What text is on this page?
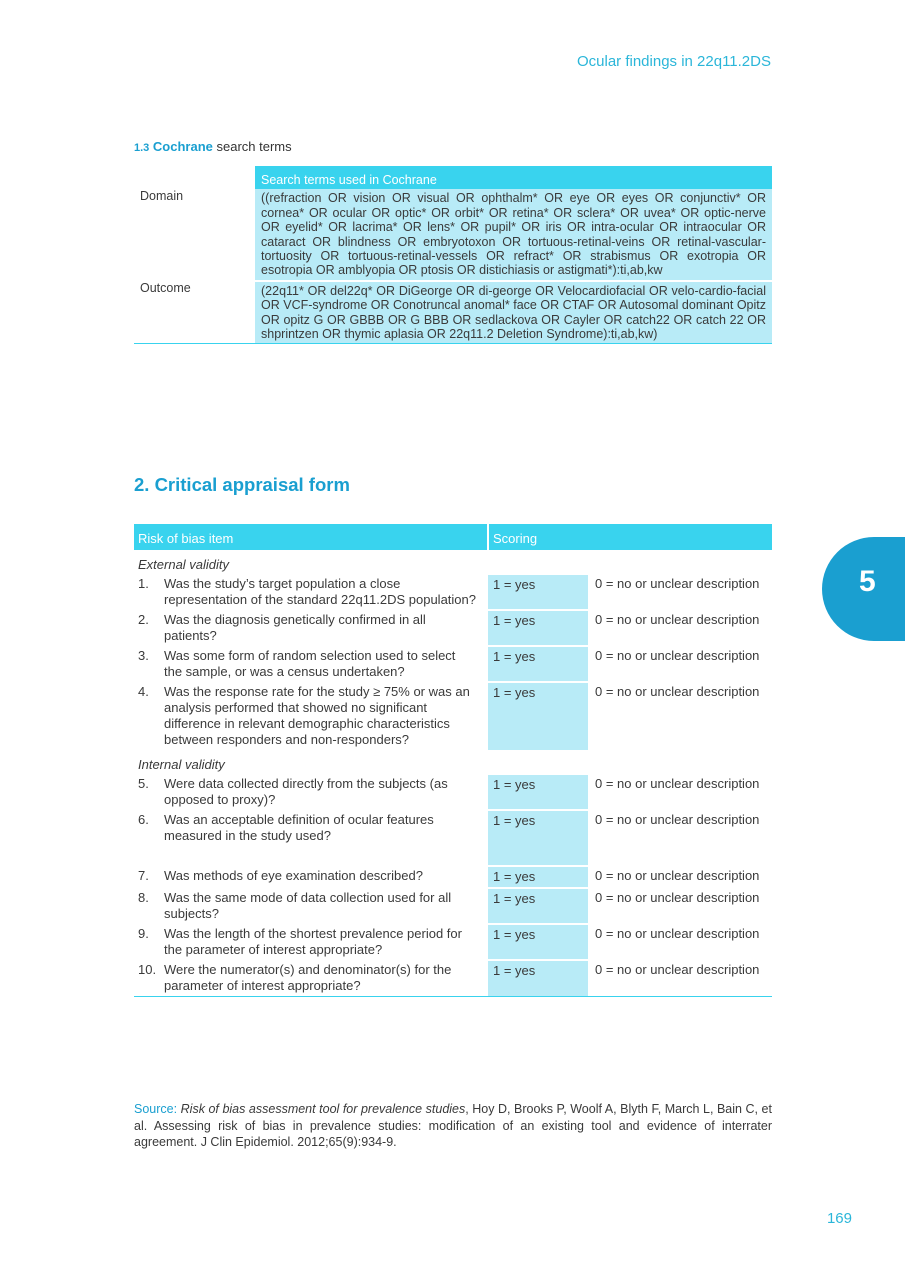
Ocular findings in 22q11.2DS
1.3 Cochrane search terms
	Search terms used in Cochrane
Domain	((refraction OR vision OR visual OR ophthalm* OR eye OR eyes OR conjunctiv* OR cornea* OR ocular OR optic* OR orbit* OR retina* OR sclera* OR uvea* OR optic-nerve OR eyelid* OR lacrima* OR lens* OR pupil* OR iris OR intra-ocular OR intraocular OR cataract OR blindness OR embryotoxon OR tortuous-retinal-veins OR retinal-vascular-tortuosity OR tortuous-retinal-vessels OR refract* OR strabismus OR exotropia OR esotropia OR amblyopia OR ptosis OR distichiasis or astigmati*):ti,ab,kw
Outcome	(22q11* OR del22q* OR DiGeorge OR di-george OR Velocardiofacial OR velo-cardio-facial OR VCF-syndrome OR Conotruncal anomal* face OR CTAF OR Autosomal dominant Opitz OR opitz G OR GBBB OR G BBB OR sedlackova OR Cayler OR catch22 OR catch 22 OR shprintzen OR thymic aplasia OR 22q11.2 Deletion Syndrome):ti,ab,kw)
2. Critical appraisal form
Risk of bias item	Scoring	
External validity		
1. Was the study’s target population a close representation of the standard 22q11.2DS population?	1 = yes	0 = no or unclear description
2. Was the diagnosis genetically confirmed in all patients?	1 = yes	0 = no or unclear description
3. Was some form of random selection used to select the sample, or was a census undertaken?	1 = yes	0 = no or unclear description
4. Was the response rate for the study ≥ 75% or was an analysis performed that showed no significant difference in relevant demographic characteristics between responders and non-responders?	1 = yes	0 = no or unclear description
Internal validity		
5. Were data collected directly from the subjects (as opposed to proxy)?	1 = yes	0 = no or unclear description
6. Was an acceptable definition of ocular features measured in the study used?	1 = yes	0 = no or unclear description
7. Was methods of eye examination described?	1 = yes	0 = no or unclear description
8. Was the same mode of data collection used for all subjects?	1 = yes	0 = no or unclear description
9. Was the length of the shortest prevalence period for the parameter of interest appropriate?	1 = yes	0 = no or unclear description
10. Were the numerator(s) and denominator(s) for the parameter of interest appropriate?	1 = yes	0 = no or unclear description
Source: Risk of bias assessment tool for prevalence studies, Hoy D, Brooks P, Woolf A, Blyth F, March L, Bain C, et al. Assessing risk of bias in prevalence studies: modification of an existing tool and evidence of interrater agreement. J Clin Epidemiol. 2012;65(9):934-9.
5
169
